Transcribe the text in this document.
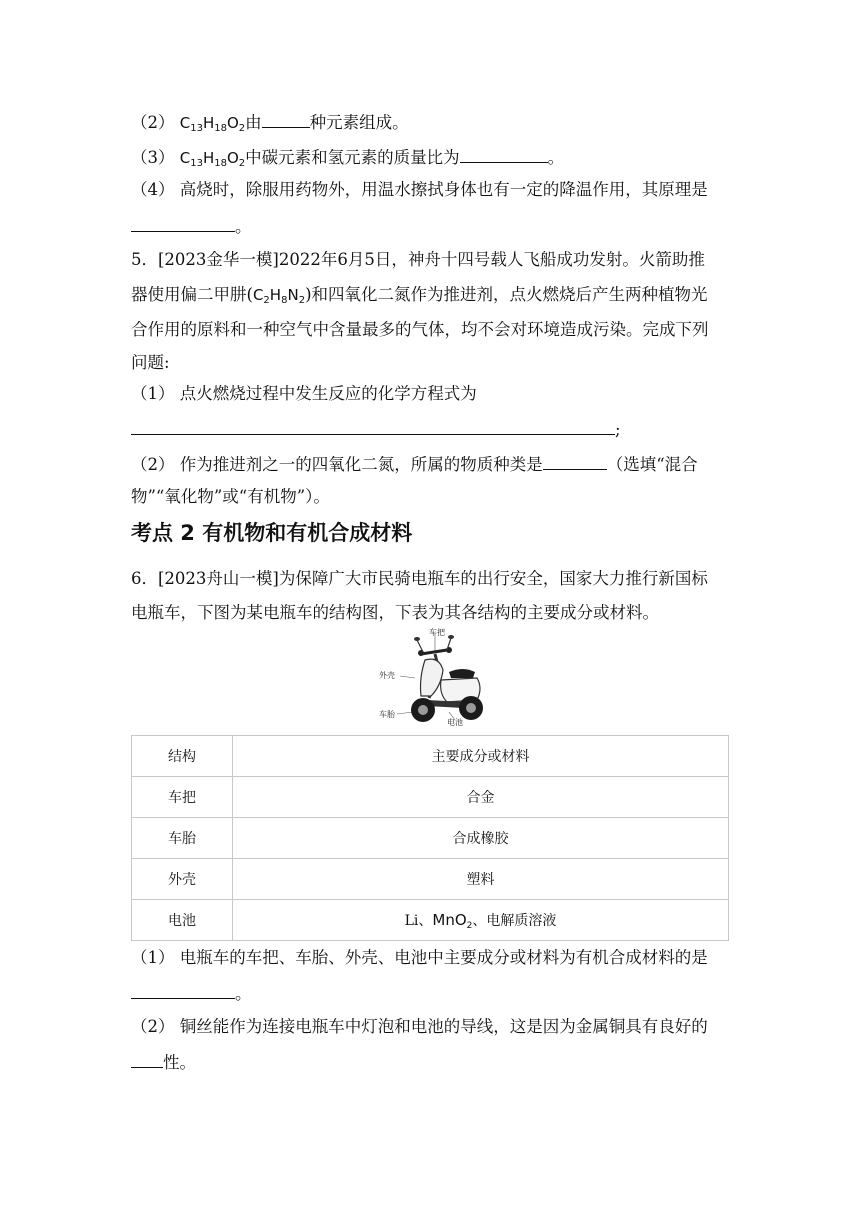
（2） $C_{13}H_{18}O_2$由	种元素组成。
（3） $C_{13}H_{18}O_2$中碳元素和氢元素的质量比为	。
（4） 高烧时，除服用药物外，用温水擦拭身体也有一定的降温作用，其原理是
。
5．[2023金华一模]2022年6月5日，神舟十四号载人飞船成功发射。火箭助推
器使用偏二甲肼$(C_2H_8N_2)$和四氧化二氮作为推进剂，点火燃烧后产生两种植物光
合作用的原料和一种空气中含量最多的气体，均不会对环境造成污染。完成下列
问题:
（1） 点火燃烧过程中发生反应的化学方程式为
;
（2） 作为推进剂之一的四氧化二氮，所属的物质种类是	（选填“混合
物”“氧化物”或“有机物”）。
考点 2 有机物和有机合成材料
6．[2023舟山一模]为保障广大市民骑电瓶车的出行安全，国家大力推行新国标
电瓶车，下图为某电瓶车的结构图，下表为其各结构的主要成分或材料。
车把
外壳
车胎
电池
结构	主要成分或材料
车把	合金
车胎	合成橡胶
外壳	塑料
电池	Li、MnO$_2$、电解质溶液
（1） 电瓶车的车把、车胎、外壳、电池中主要成分或材料为有机合成材料的是
。
（2） 铜丝能作为连接电瓶车中灯泡和电池的导线，这是因为金属铜具有良好的
性。
